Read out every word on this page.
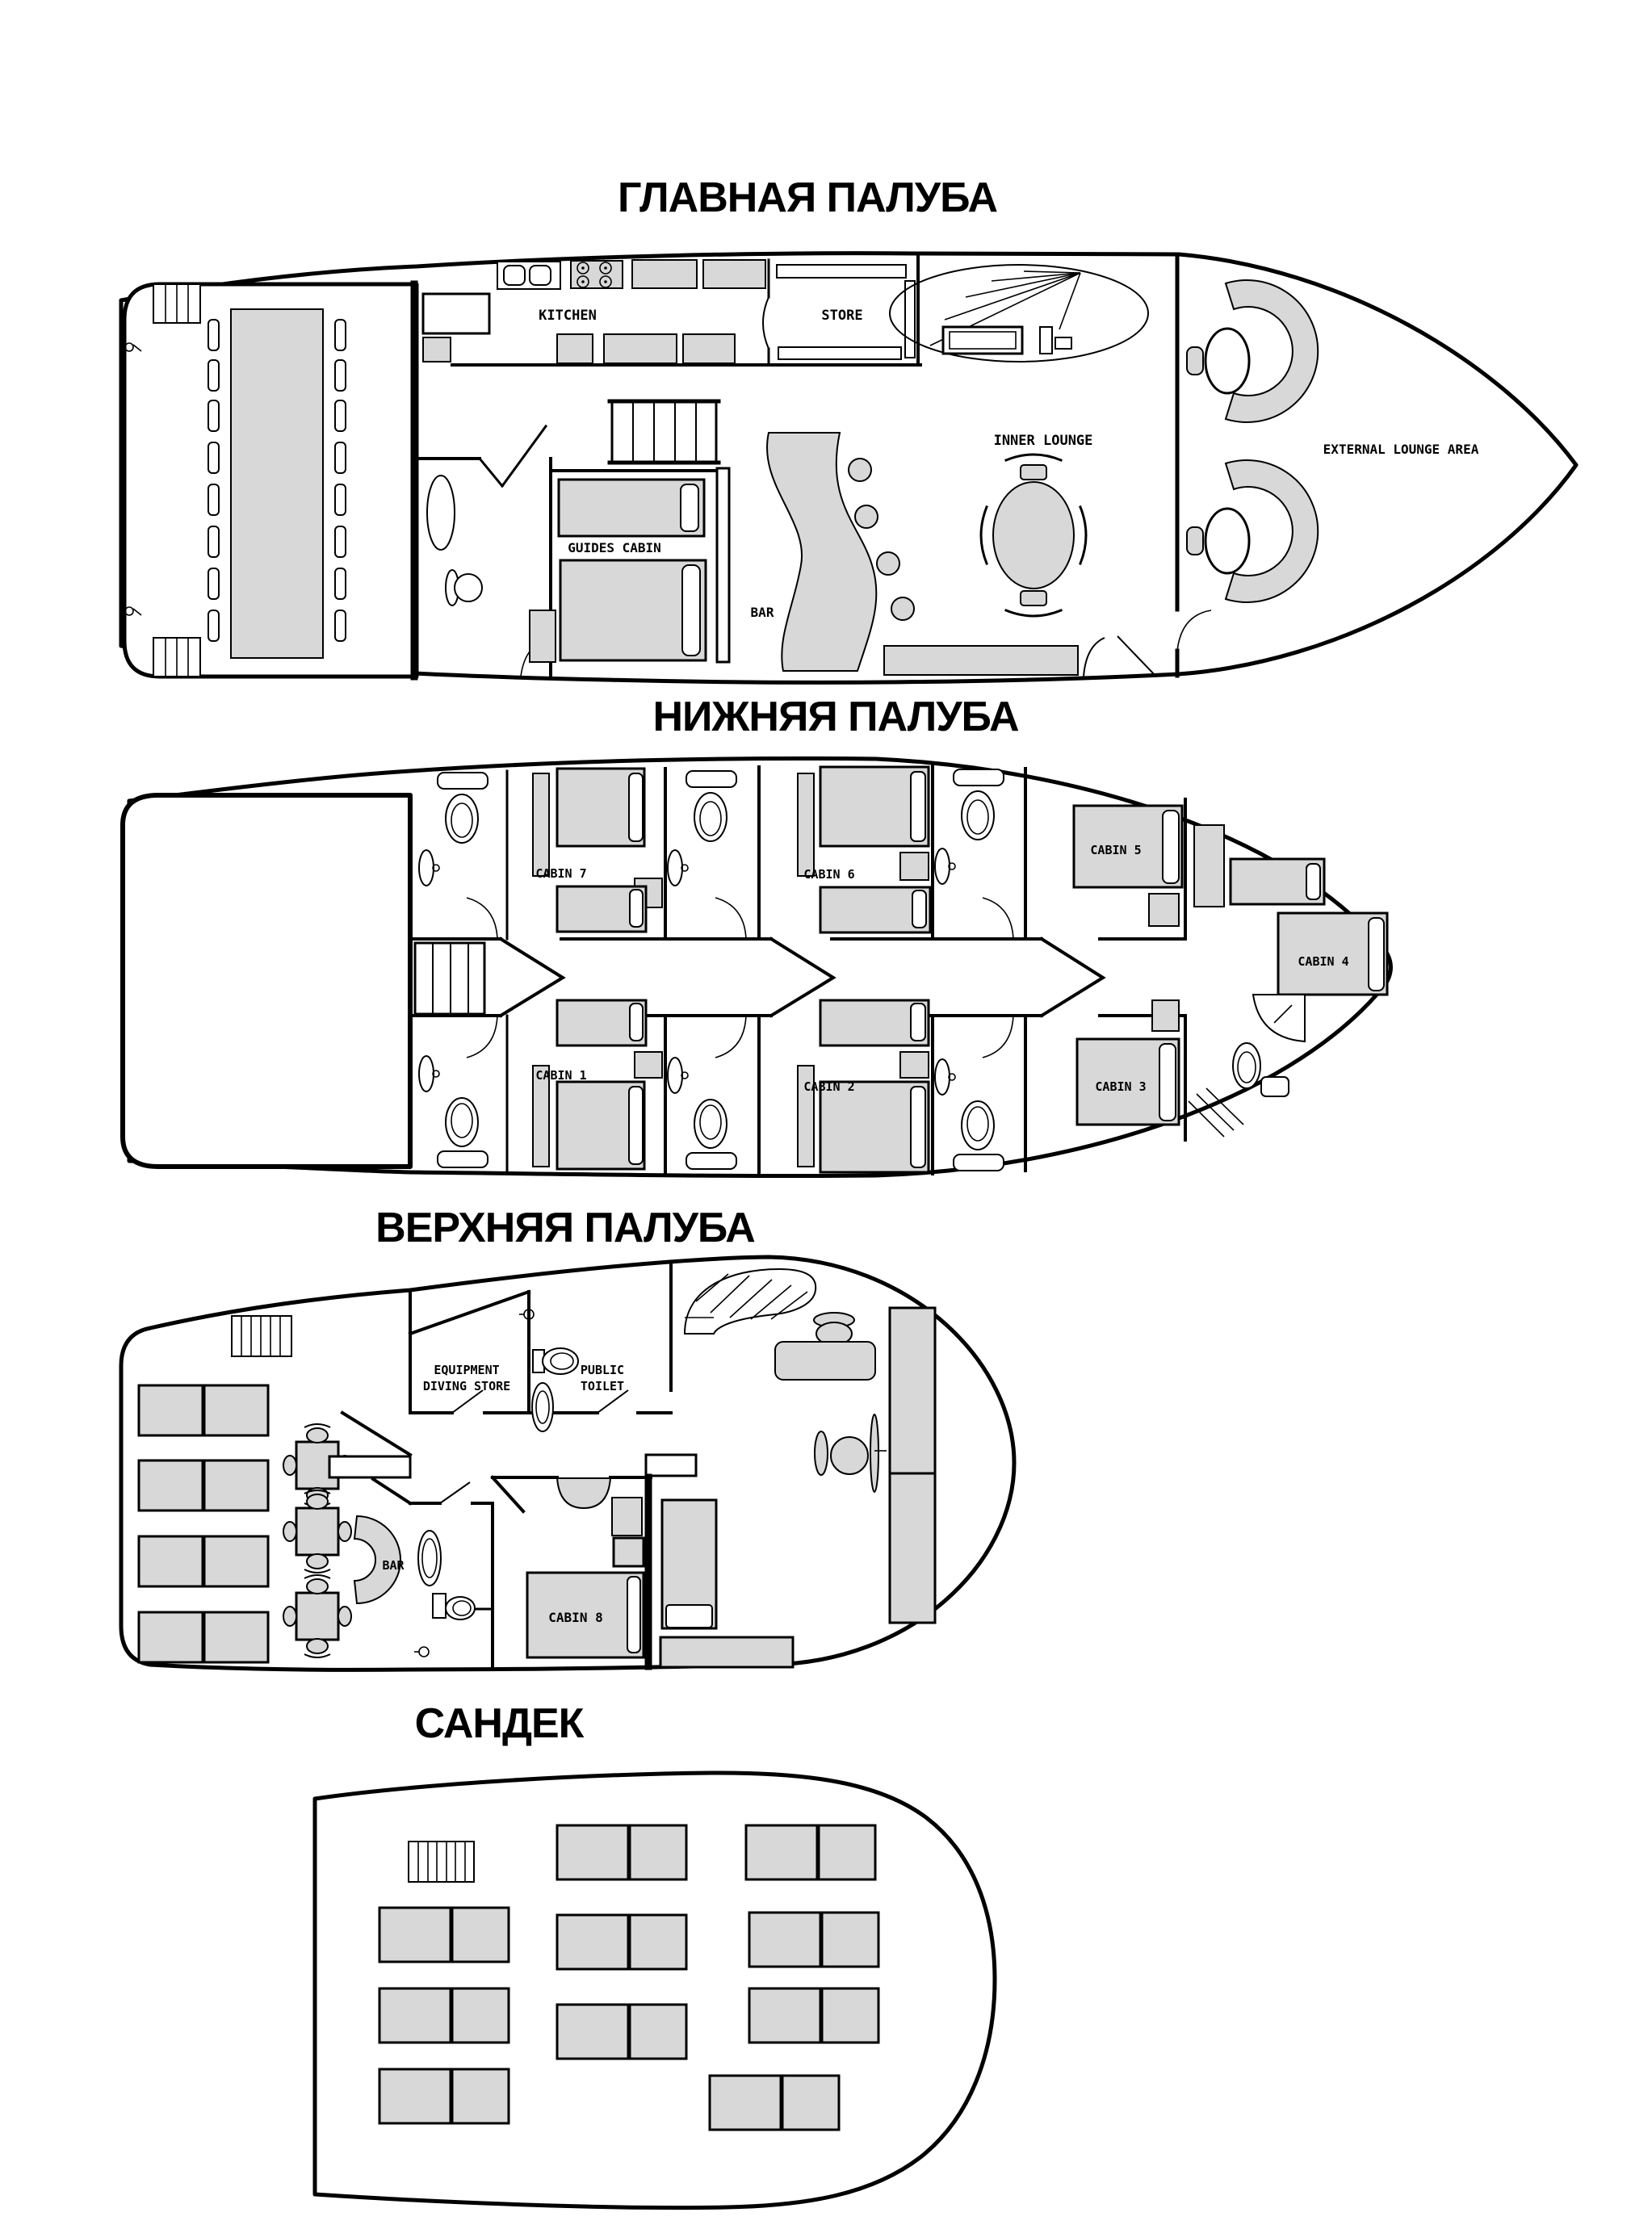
ГЛАВНАЯ ПАЛУБА
KITCHEN	STORE
GUIDES CABIN
BAR
INNER LOUNGE
EXTERNAL LOUNGE AREA
НИЖНЯЯ ПАЛУБА
CABIN 7	CABIN 6
CABIN 1
CABIN 2
CABIN 5
CABIN 4
CABIN 3
ВЕРХНЯЯ ПАЛУБА
BAR
EQUIPMENT
DIVING STORE
PUBLIC
TOILET
CABIN 8
САНДЕК
